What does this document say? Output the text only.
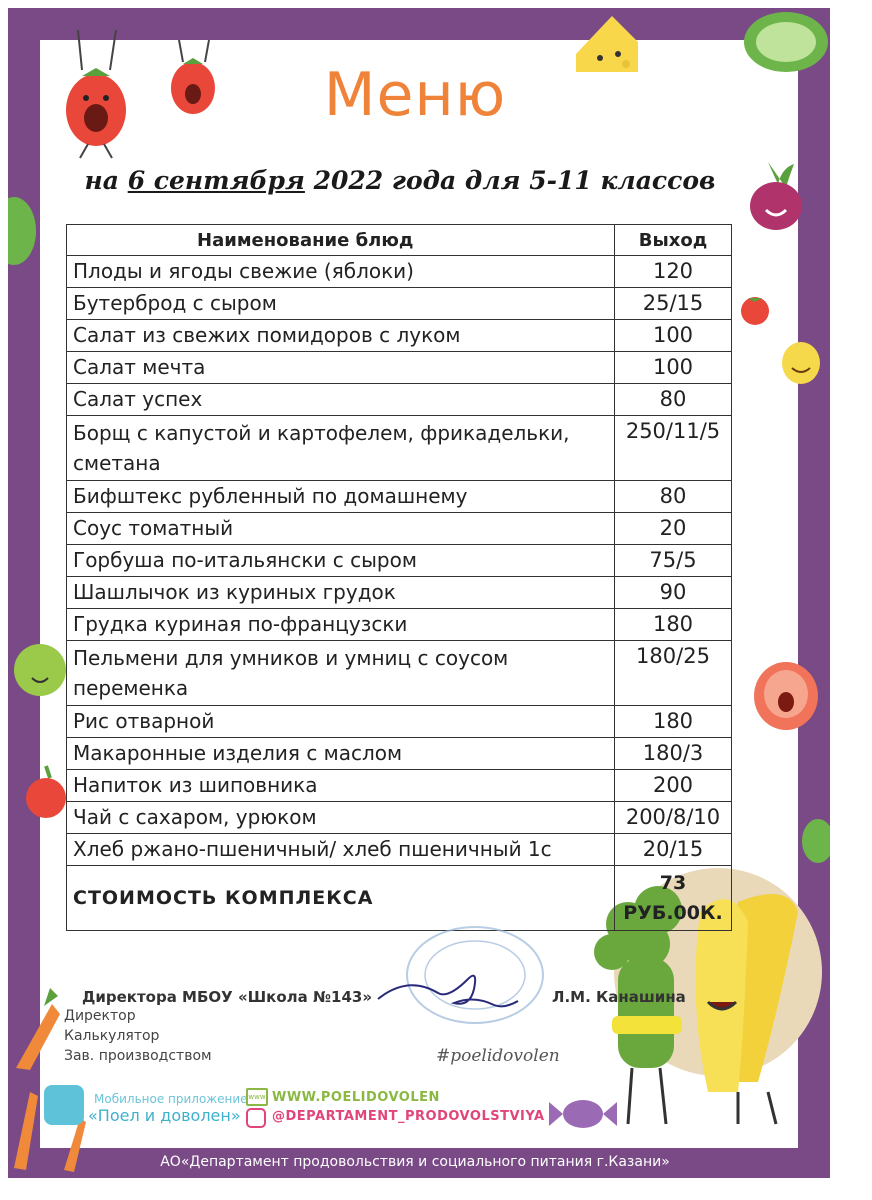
Меню
на 6 сентября 2022 года для 5-11 классов
Наименование блюд	Выход
Плоды и ягоды свежие (яблоки)	120
Бутерброд с сыром	25/15
Салат из свежих помидоров с луком	100
Салат мечта	100
Салат успех	80
Борщ с капустой и картофелем, фрикадельки, сметана	250/11/5
Бифштекс рубленный по домашнему	80
Соус томатный	20
Горбуша по-итальянски с сыром	75/5
Шашлычок из куриных грудок	90
Грудка куриная по-французски	180
Пельмени для умников и умниц с соусом переменка	180/25
Рис отварной	180
Макаронные изделия с маслом	180/3
Напиток из шиповника	200
Чай с сахаром, урюком	200/8/10
Хлеб ржано-пшеничный/ хлеб пшеничный 1с	20/15
СТОИМОСТЬ КОМПЛЕКСА	73
РУБ.00К.
Директора МБОУ «Школа №143»	Л.М. Канашина
Директор
Калькулятор
Зав. производством	#poelidovolen
Мобильное приложение
«Поел и доволен»
www WWW.POELIDOVOLEN
@DEPARTAMENT_PRODOVOLSTVIYA
АО«Департамент продовольствия и социального питания г.Казани»
